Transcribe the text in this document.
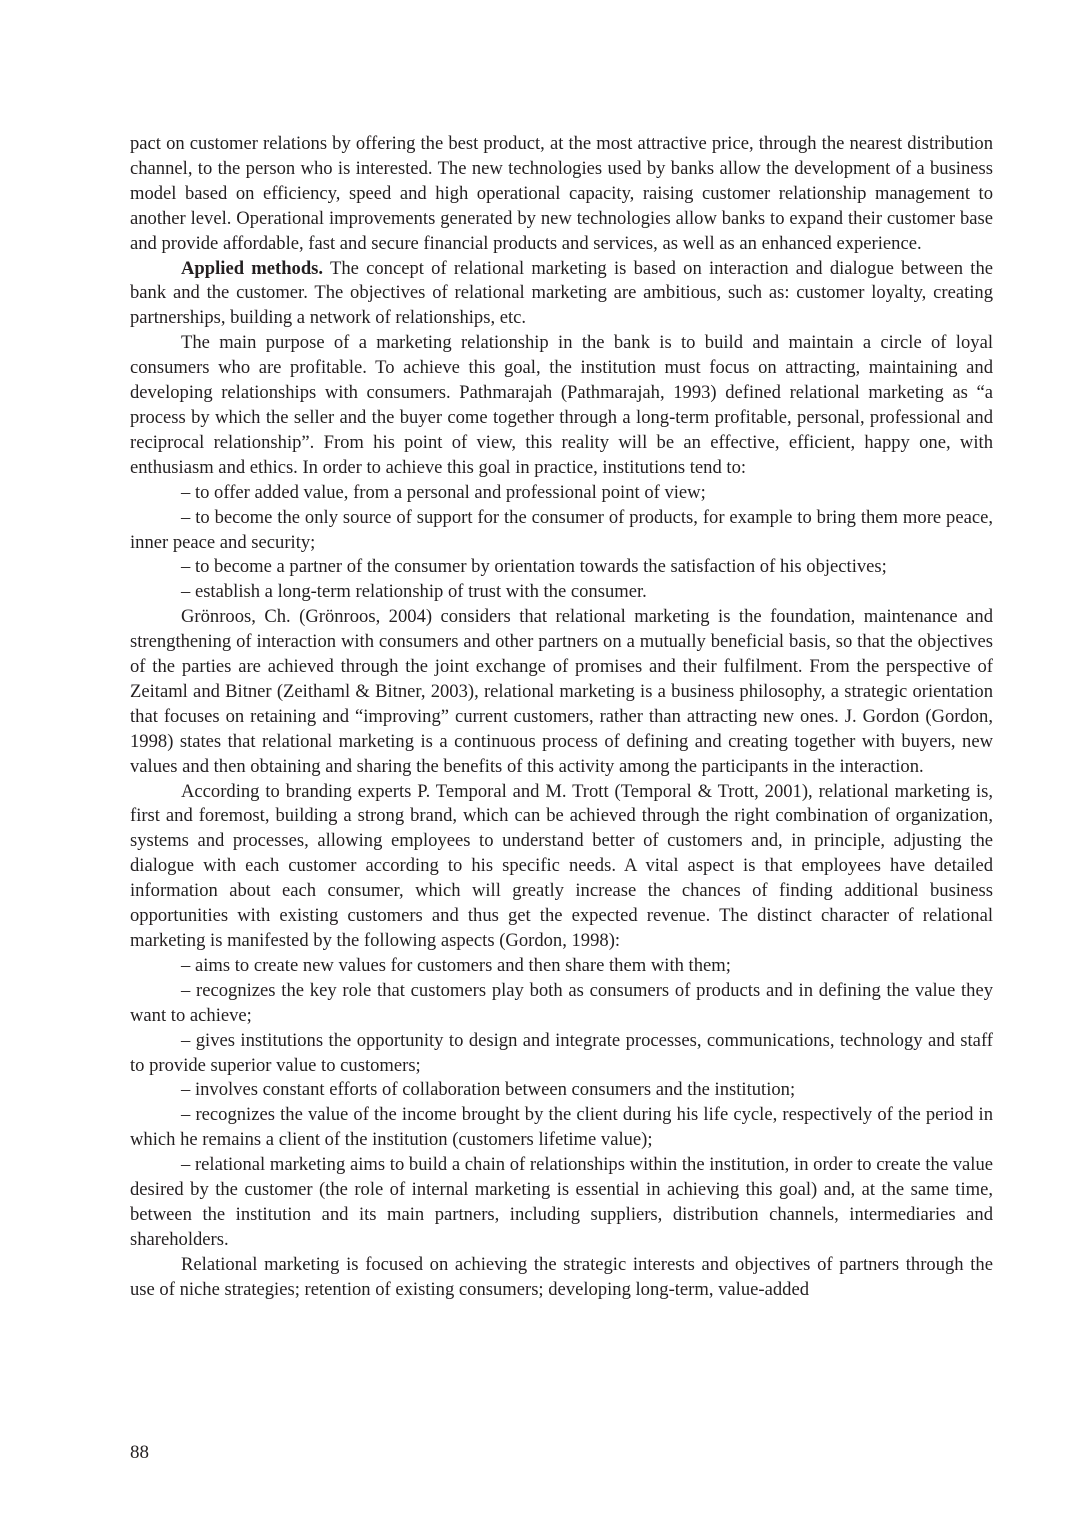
pact on customer relations by offering the best product, at the most attractive price, through the nearest distribution channel, to the person who is interested. The new technologies used by banks allow the development of a business model based on efficiency, speed and high operational capacity, raising customer relationship management to another level. Operational improvements generated by new technologies allow banks to expand their customer base and provide affordable, fast and secure financial products and services, as well as an enhanced experience.

Applied methods. The concept of relational marketing is based on interaction and dialogue between the bank and the customer. The objectives of relational marketing are ambitious, such as: customer loyalty, creating partnerships, building a network of relationships, etc.

The main purpose of a marketing relationship in the bank is to build and maintain a circle of loyal consumers who are profitable. To achieve this goal, the institution must focus on attracting, maintaining and developing relationships with consumers. Pathmarajah (Pathmarajah, 1993) defined relational marketing as “a process by which the seller and the buyer come together through a long-term profitable, personal, professional and reciprocal relationship”. From his point of view, this reality will be an effective, efficient, happy one, with enthusiasm and ethics. In order to achieve this goal in practice, institutions tend to:

– to offer added value, from a personal and professional point of view;

– to become the only source of support for the consumer of products, for example to bring them more peace, inner peace and security;

– to become a partner of the consumer by orientation towards the satisfaction of his objectives;

– establish a long-term relationship of trust with the consumer.

Grönroos, Ch. (Grönroos, 2004) considers that relational marketing is the foundation, maintenance and strengthening of interaction with consumers and other partners on a mutually beneficial basis, so that the objectives of the parties are achieved through the joint exchange of promises and their fulfilment. From the perspective of Zeitaml and Bitner (Zeithaml & Bitner, 2003), relational marketing is a business philosophy, a strategic orientation that focuses on retaining and “improving” current customers, rather than attracting new ones. J. Gordon (Gordon, 1998) states that relational marketing is a continuous process of defining and creating together with buyers, new values and then obtaining and sharing the benefits of this activity among the participants in the interaction.

According to branding experts P. Temporal and M. Trott (Temporal & Trott, 2001), relational marketing is, first and foremost, building a strong brand, which can be achieved through the right combination of organization, systems and processes, allowing employees to understand better of customers and, in principle, adjusting the dialogue with each customer according to his specific needs. A vital aspect is that employees have detailed information about each consumer, which will greatly increase the chances of finding additional business opportunities with existing customers and thus get the expected revenue. The distinct character of relational marketing is manifested by the following aspects (Gordon, 1998):

– aims to create new values for customers and then share them with them;

– recognizes the key role that customers play both as consumers of products and in defining the value they want to achieve;

– gives institutions the opportunity to design and integrate processes, communications, technology and staff to provide superior value to customers;

– involves constant efforts of collaboration between consumers and the institution;

– recognizes the value of the income brought by the client during his life cycle, respectively of the period in which he remains a client of the institution (customers lifetime value);

– relational marketing aims to build a chain of relationships within the institution, in order to create the value desired by the customer (the role of internal marketing is essential in achieving this goal) and, at the same time, between the institution and its main partners, including suppliers, distribution channels, intermediaries and shareholders.

Relational marketing is focused on achieving the strategic interests and objectives of partners through the use of niche strategies; retention of existing consumers; developing long-term, value-added

88
